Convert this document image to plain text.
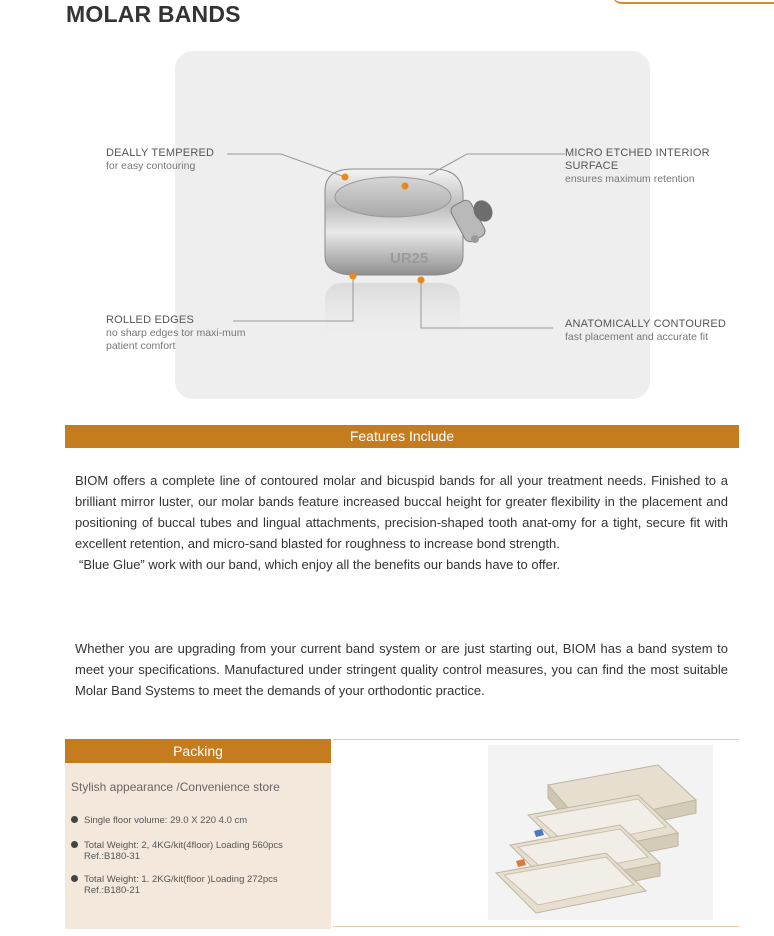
MOLAR BANDS
UR25
DEALLY TEMPERED
for easy contouring
MICRO ETCHED INTERIOR SURFACE
ensures maximum retention
ROLLED EDGES
no sharp edges tor maxi-mum patient comfort
ANATOMICALLY CONTOURED
fast placement and accurate fit
Features Include
BIOM offers a complete line of contoured molar and bicuspid bands for all your treatment needs. Finished to a brilliant mirror luster, our molar bands feature increased buccal height for greater flexibility in the placement and positioning of buccal tubes and lingual attachments, precision-shaped tooth anat-omy for a tight, secure fit with excellent retention, and micro-sand blasted for roughness to increase bond strength.
“Blue Glue” work with our band, which enjoy all the benefits our bands have to offer.
Whether you are upgrading from your current band system or are just starting out, BIOM has a band system to meet your specifications. Manufactured under stringent quality control measures, you can find the most suitable Molar Band Systems to meet the demands of your orthodontic practice.
Packing
Stylish appearance /Convenience store
Single floor volume: 29.0 X 220 4.0 cm
Total Weight: 2, 4KG/kit(4floor) Loading 560pcs
Ref.:B180-31
Total Weight: 1. 2KG/kit(floor )Loading 272pcs
Ref.:B180-21
